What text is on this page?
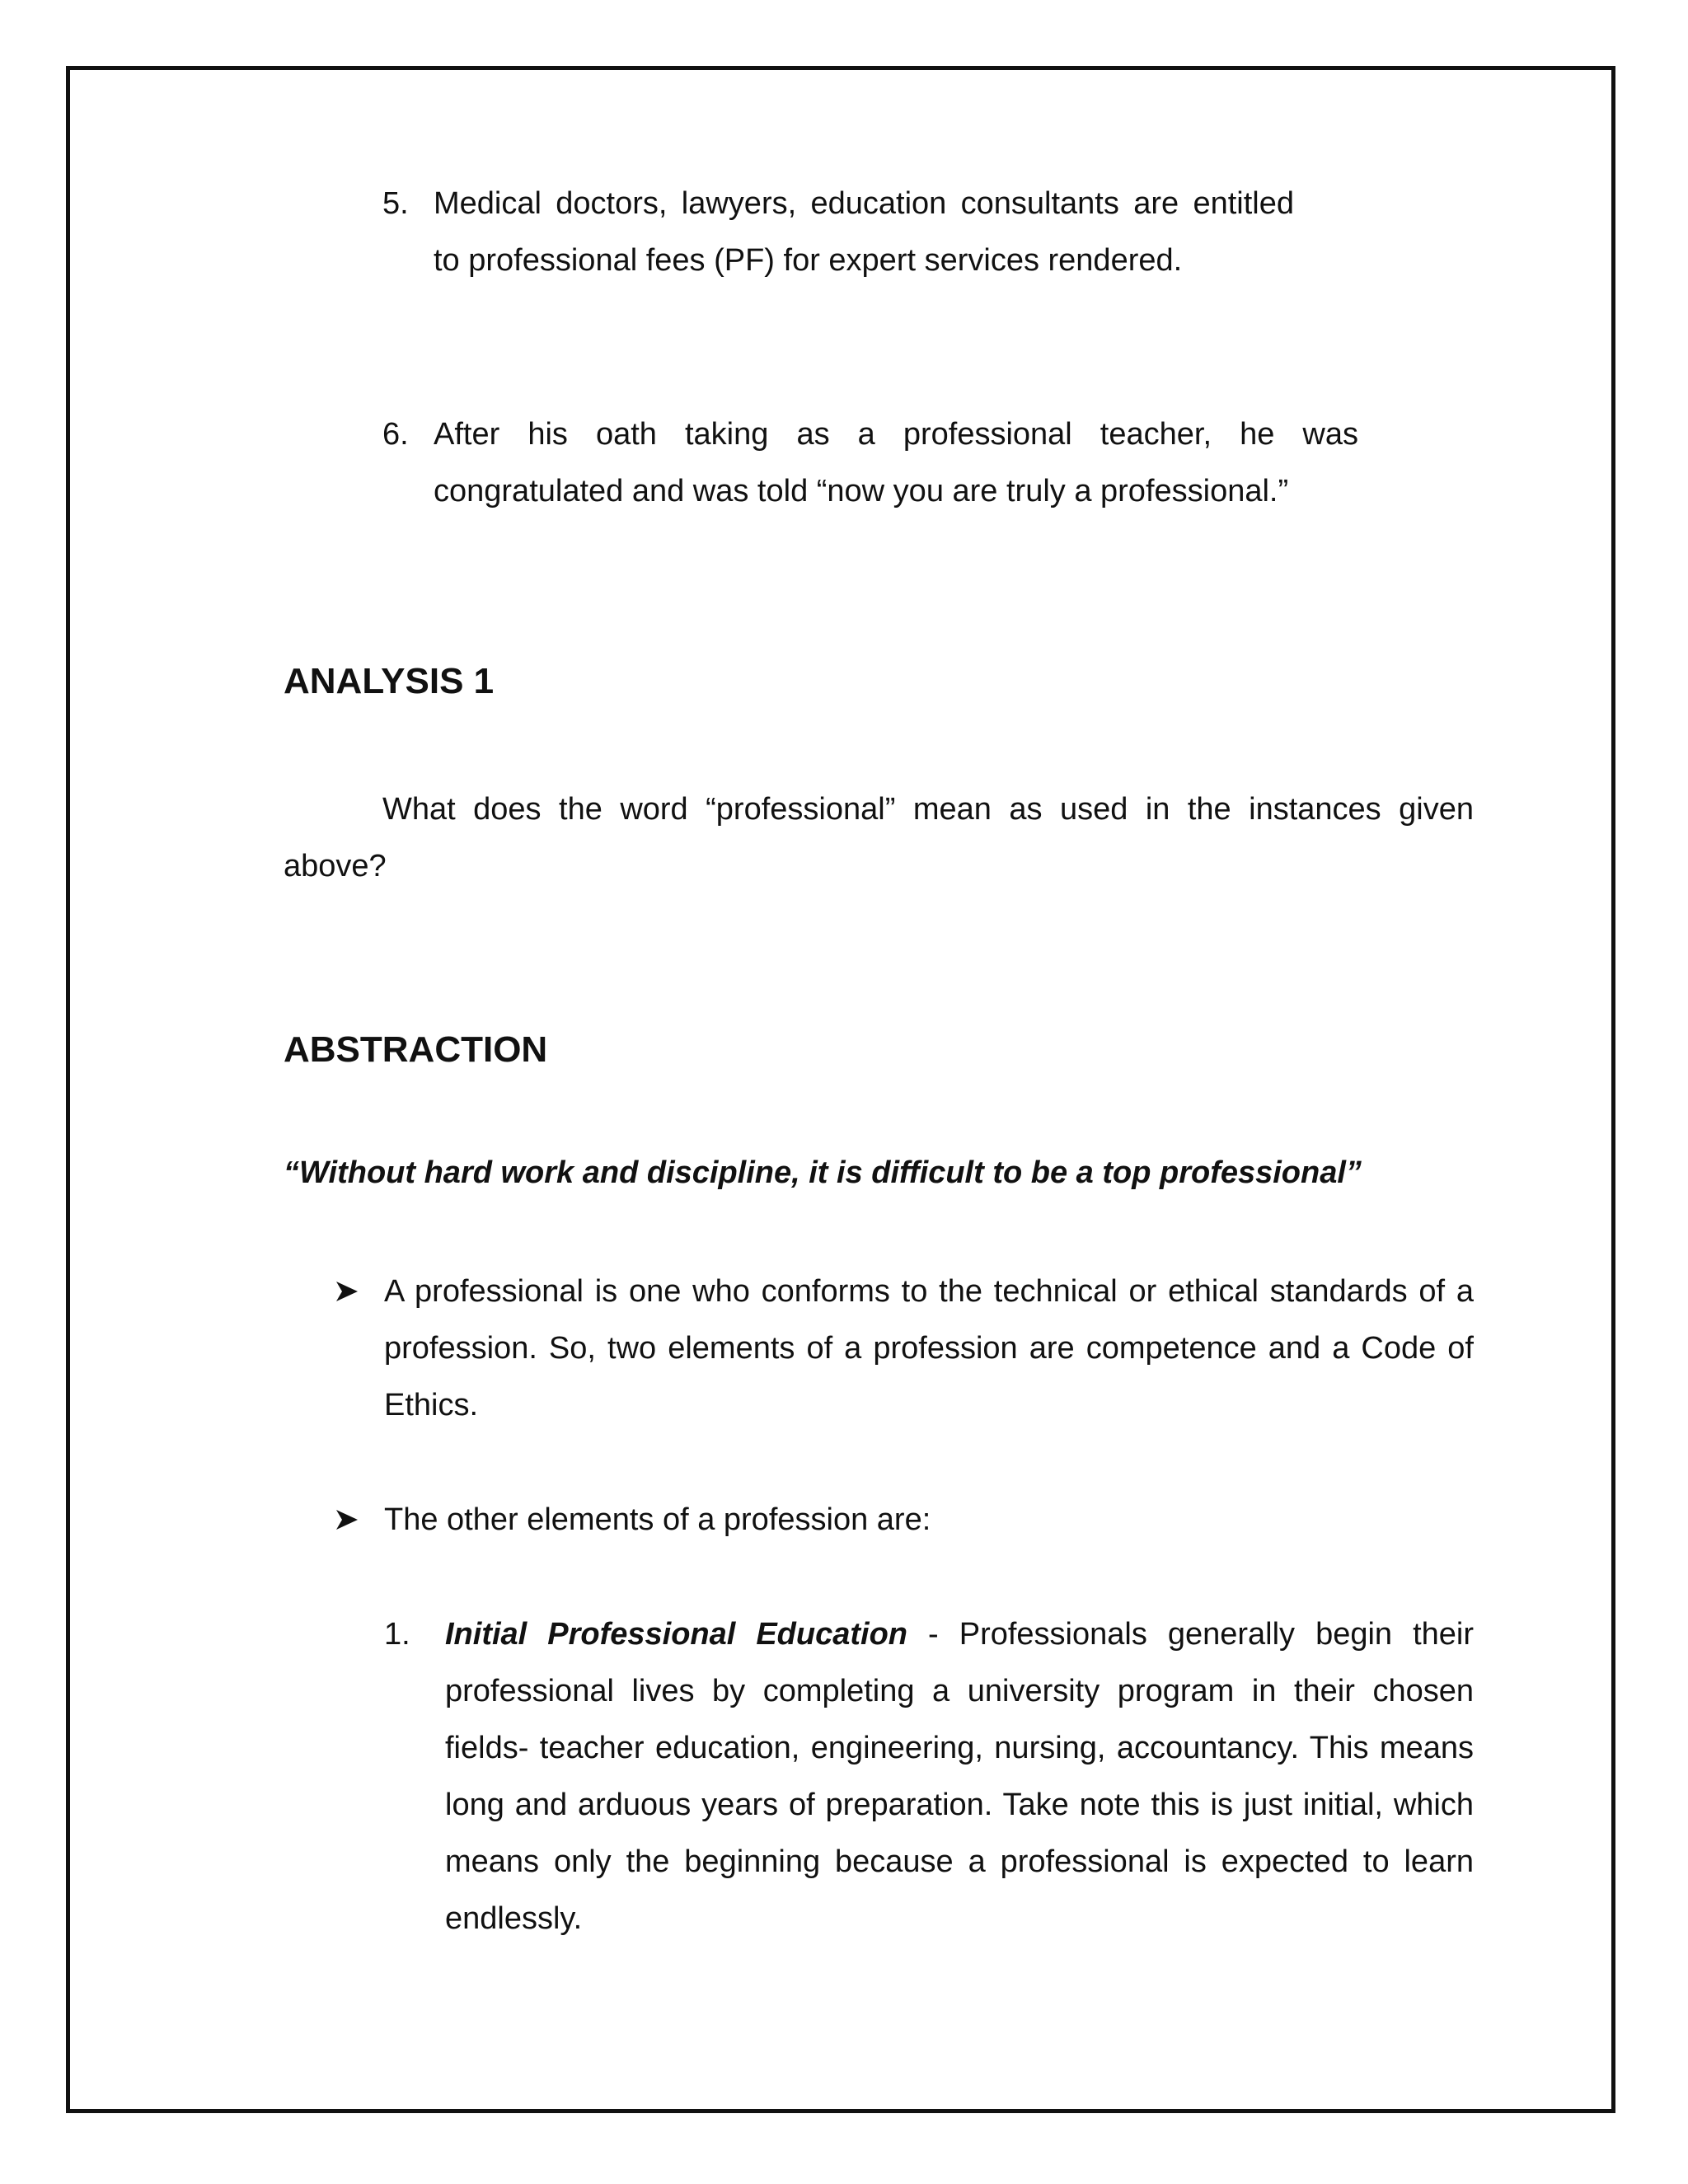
5. Medical doctors, lawyers, education consultants are entitled to professional fees (PF) for expert services rendered.

6. After his oath taking as a professional teacher, he was congratulated and was told “now you are truly a professional.”

ANALYSIS 1

What does the word “professional” mean as used in the instances given above?

ABSTRACTION
“Without hard work and discipline, it is difficult to be a top professional”

A professional is one who conforms to the technical or ethical standards of a profession. So, two elements of a profession are competence and a Code of Ethics.

The other elements of a profession are:

1. Initial Professional Education - Professionals generally begin their professional lives by completing a university program in their chosen fields- teacher education, engineering, nursing, accountancy. This means long and arduous years of preparation. Take note this is just initial, which means only the beginning because a professional is expected to learn endlessly.
